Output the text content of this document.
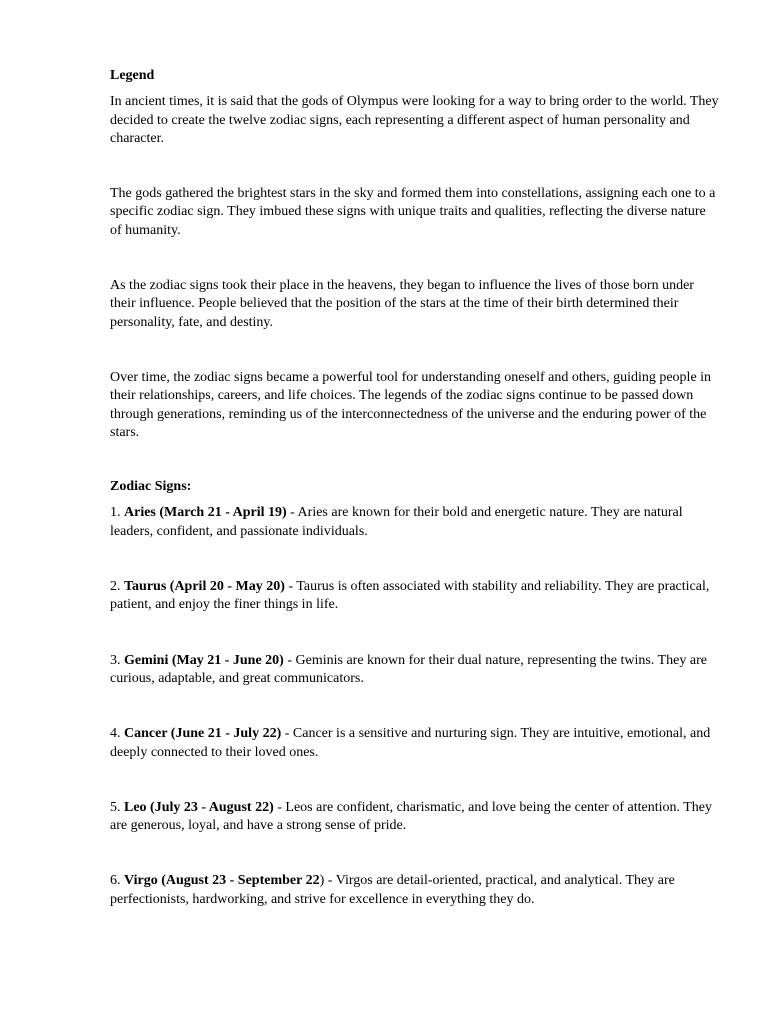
Legend

In ancient times, it is said that the gods of Olympus were looking for a way to bring order to the world. They decided to create the twelve zodiac signs, each representing a different aspect of human personality and character.

The gods gathered the brightest stars in the sky and formed them into constellations, assigning each one to a specific zodiac sign. They imbued these signs with unique traits and qualities, reflecting the diverse nature of humanity.

As the zodiac signs took their place in the heavens, they began to influence the lives of those born under their influence. People believed that the position of the stars at the time of their birth determined their personality, fate, and destiny.

Over time, the zodiac signs became a powerful tool for understanding oneself and others, guiding people in their relationships, careers, and life choices. The legends of the zodiac signs continue to be passed down through generations, reminding us of the interconnectedness of the universe and the enduring power of the stars.

Zodiac Signs:

1. Aries (March 21 - April 19) - Aries are known for their bold and energetic nature. They are natural leaders, confident, and passionate individuals.

2. Taurus (April 20 - May 20) - Taurus is often associated with stability and reliability. They are practical, patient, and enjoy the finer things in life.

3. Gemini (May 21 - June 20) - Geminis are known for their dual nature, representing the twins. They are curious, adaptable, and great communicators.

4. Cancer (June 21 - July 22) - Cancer is a sensitive and nurturing sign. They are intuitive, emotional, and deeply connected to their loved ones.

5. Leo (July 23 - August 22) - Leos are confident, charismatic, and love being the center of attention. They are generous, loyal, and have a strong sense of pride.

6. Virgo (August 23 - September 22) - Virgos are detail-oriented, practical, and analytical. They are perfectionists, hardworking, and strive for excellence in everything they do.
